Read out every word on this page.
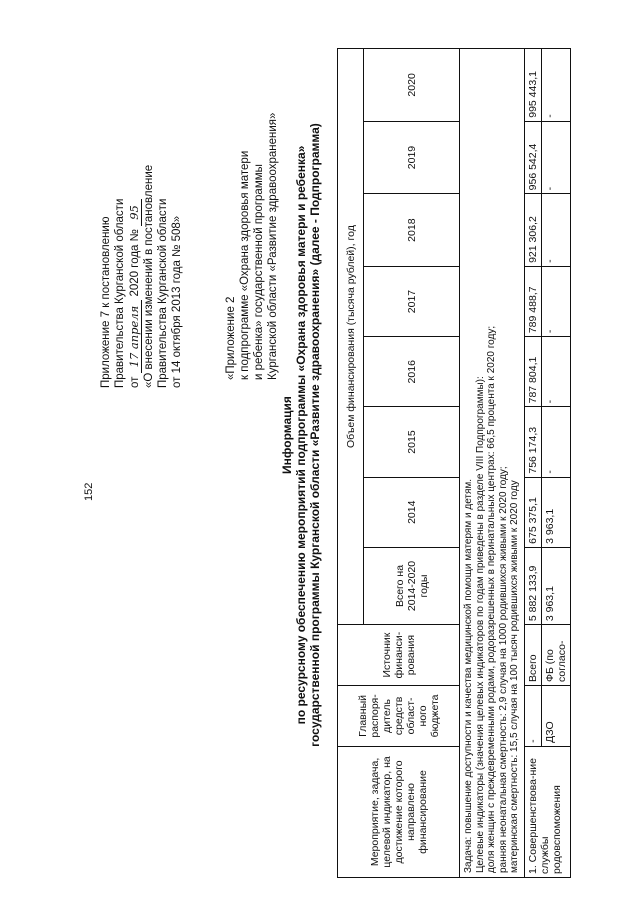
152
Приложение 7 к постановлению Правительства Курганской области от 17 апреля 2020 года № 95 «О внесении изменений в постановление Правительства Курганской области от 14 октября 2013 года № 508»	«Приложение 2 к подпрограмме «Охрана здоровья матери и ребенка» государственной программы Курганской области «Развитие здравоохранения»
Информация по ресурсному обеспечению мероприятий подпрограммы «Охрана здоровья матери и ребенка» государственной программы Курганской области «Развитие здравоохранения» (далее - Подпрограмма)
Мероприятие, задача, целевой индикатор, на достижение которого направлено финансирование	Главный распоря-дитель средств област-ного бюджета	Источник финанси-рования	Объем финансирования (тысяча рублей), год							
			Всего на 2014-2020 годы	2014	2015	2016	2017	2018	2019	2020

Задача: повышение доступности и качества медицинской помощи матерям и детям. Целевые индикаторы (значения целевых индикаторов по годам приведены в разделе VIII Подпрограммы): доля женщин с преждевременными родами, родоразрешенных в перинатальных центрах: 66,5 процента к 2020 году; ранняя неонатальная смертность: 2,9 случая на 1000 родившихся живыми к 2020 году; материнская смертность: 15,5 случая на 100 тысяч родившихся живыми к 2020 году										

1. Совершенствова-ние службы родовспоможения	-	Всего	5 882 133,9	675 375,1	756 174,3	787 804,1	789 488,7	921 306,2	956 542,4	995 443,1
	ДЗО	ФБ (по согласо-	3 963,1	3 963,1	-	-	-	-	-	-
